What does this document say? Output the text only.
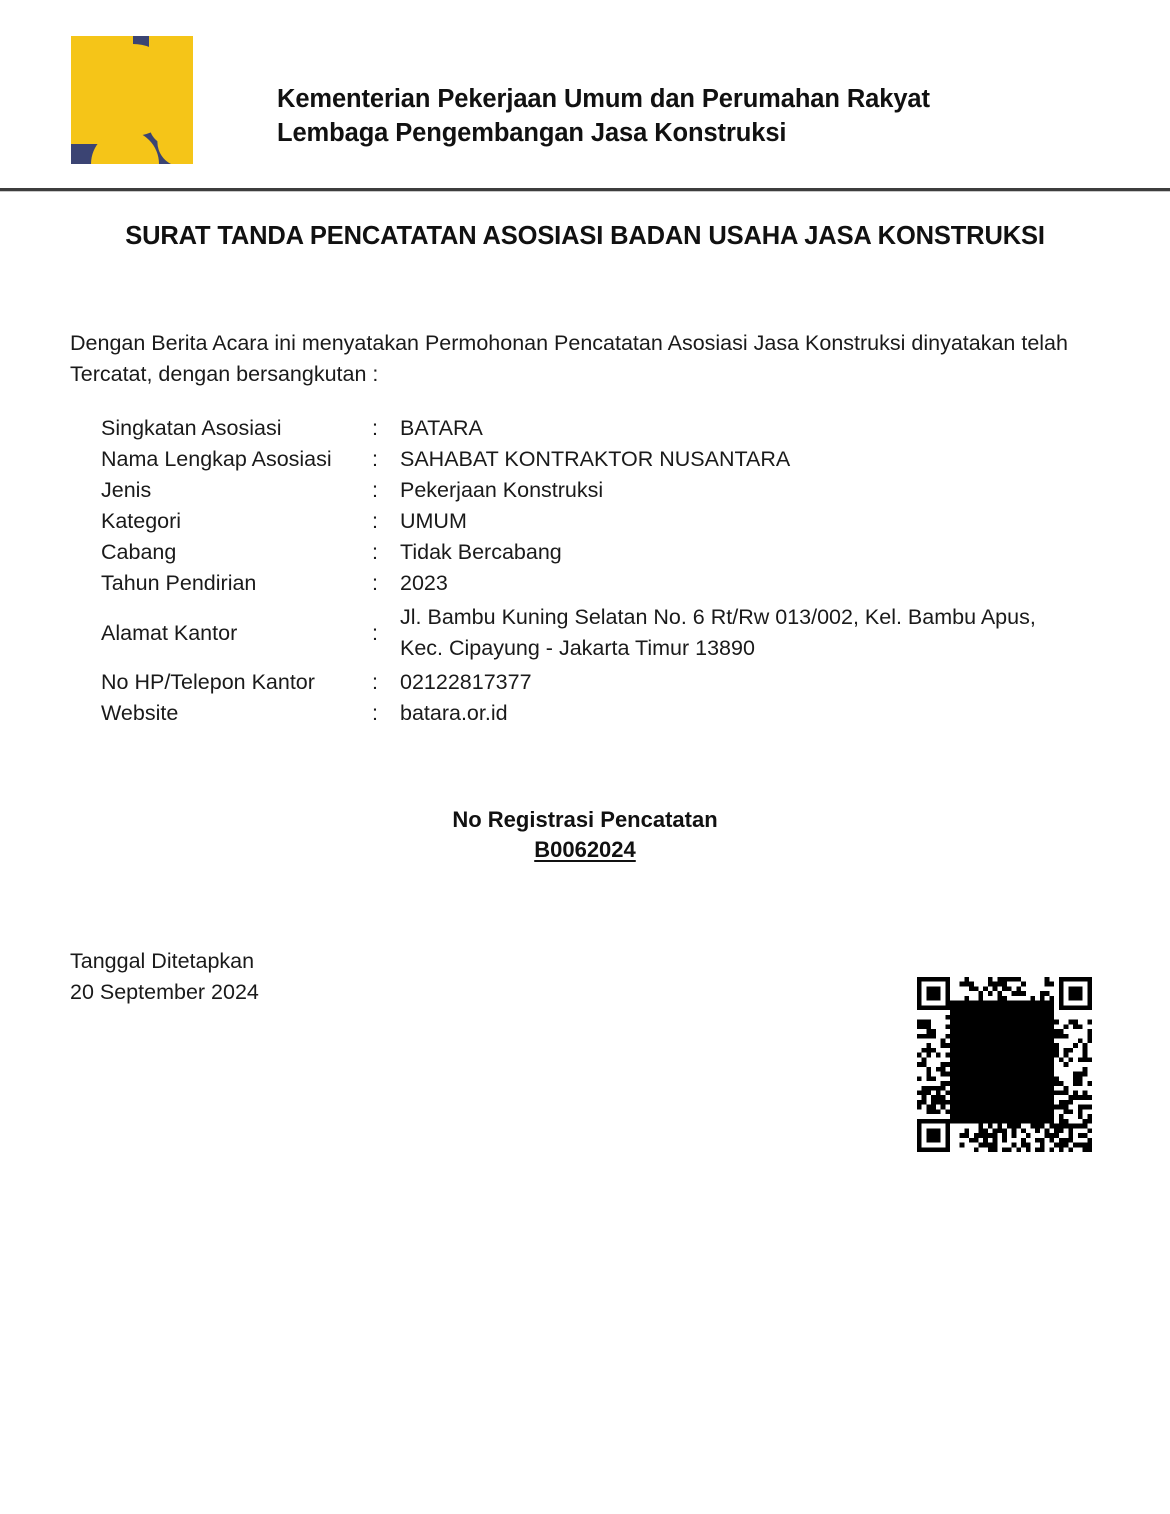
Kementerian Pekerjaan Umum dan Perumahan Rakyat
Lembaga Pengembangan Jasa Konstruksi
SURAT TANDA PENCATATAN ASOSIASI BADAN USAHA JASA KONSTRUKSI
Dengan Berita Acara ini menyatakan Permohonan Pencatatan Asosiasi Jasa Konstruksi dinyatakan telah Tercatat, dengan bersangkutan :
Singkatan Asosiasi	:	BATARA
Nama Lengkap Asosiasi	:	SAHABAT KONTRAKTOR NUSANTARA
Jenis	:	Pekerjaan Konstruksi
Kategori	:	UMUM
Cabang	:	Tidak Bercabang
Tahun Pendirian	:	2023
Alamat Kantor	:	Jl. Bambu Kuning Selatan No. 6 Rt/Rw 013/002, Kel. Bambu Apus,
Kec. Cipayung - Jakarta Timur 13890

No HP/Telepon Kantor	:	02122817377
Website	:	batara.or.id
No Registrasi Pencatatan
B0062024
Tanggal Ditetapkan
20 September 2024
